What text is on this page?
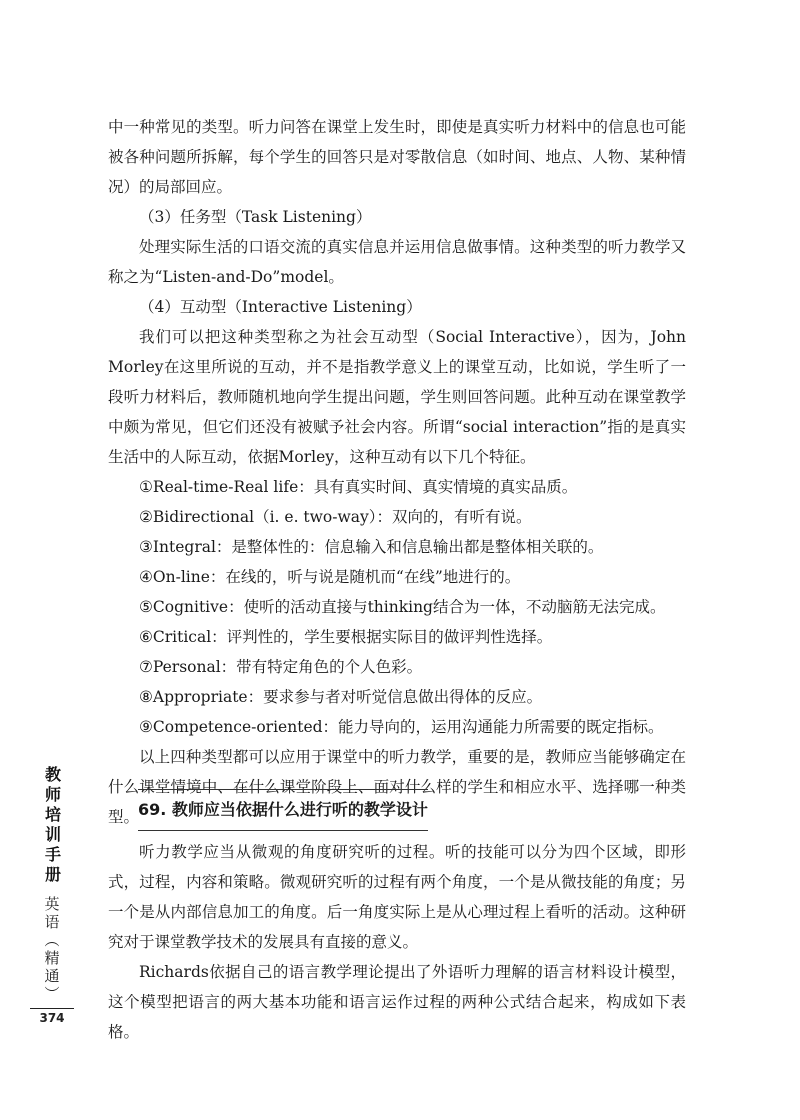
中一种常见的类型。听力问答在课堂上发生时，即使是真实听力材料中的信息也可能被各种问题所拆解，每个学生的回答只是对零散信息（如时间、地点、人物、某种情况）的局部回应。

（3）任务型（Task Listening）

处理实际生活的口语交流的真实信息并运用信息做事情。这种类型的听力教学又称之为“Listen-and-Do”model。

（4）互动型（Interactive Listening）

我们可以把这种类型称之为社会互动型（Social Interactive），因为，John Morley在这里所说的互动，并不是指教学意义上的课堂互动，比如说，学生听了一段听力材料后，教师随机地向学生提出问题，学生则回答问题。此种互动在课堂教学中颇为常见，但它们还没有被赋予社会内容。所谓“social interaction”指的是真实生活中的人际互动，依据Morley，这种互动有以下几个特征。

①Real-time-Real life：具有真实时间、真实情境的真实品质。

②Bidirectional（i. e. two-way）：双向的，有听有说。

③Integral：是整体性的：信息输入和信息输出都是整体相关联的。

④On-line：在线的，听与说是随机而“在线”地进行的。

⑤Cognitive：使听的活动直接与thinking结合为一体，不动脑筋无法完成。

⑥Critical：评判性的，学生要根据实际目的做评判性选择。

⑦Personal：带有特定角色的个人色彩。

⑧Appropriate：要求参与者对听觉信息做出得体的反应。

⑨Competence-oriented：能力导向的，运用沟通能力所需要的既定指标。

以上四种类型都可以应用于课堂中的听力教学，重要的是，教师应当能够确定在什么课堂情境中、在什么课堂阶段上、面对什么样的学生和相应水平、选择哪一种类型。

69. 教师应当依据什么进行听的教学设计

听力教学应当从微观的角度研究听的过程。听的技能可以分为四个区域，即形式，过程，内容和策略。微观研究听的过程有两个角度，一个是从微技能的角度；另一个是从内部信息加工的角度。后一角度实际上是从心理过程上看听的活动。这种研究对于课堂教学技术的发展具有直接的意义。

Richards依据自己的语言教学理论提出了外语听力理解的语言材料设计模型，这个模型把语言的两大基本功能和语言运作过程的两种公式结合起来，构成如下表格。

教师培训手册
英语（精通）
374
